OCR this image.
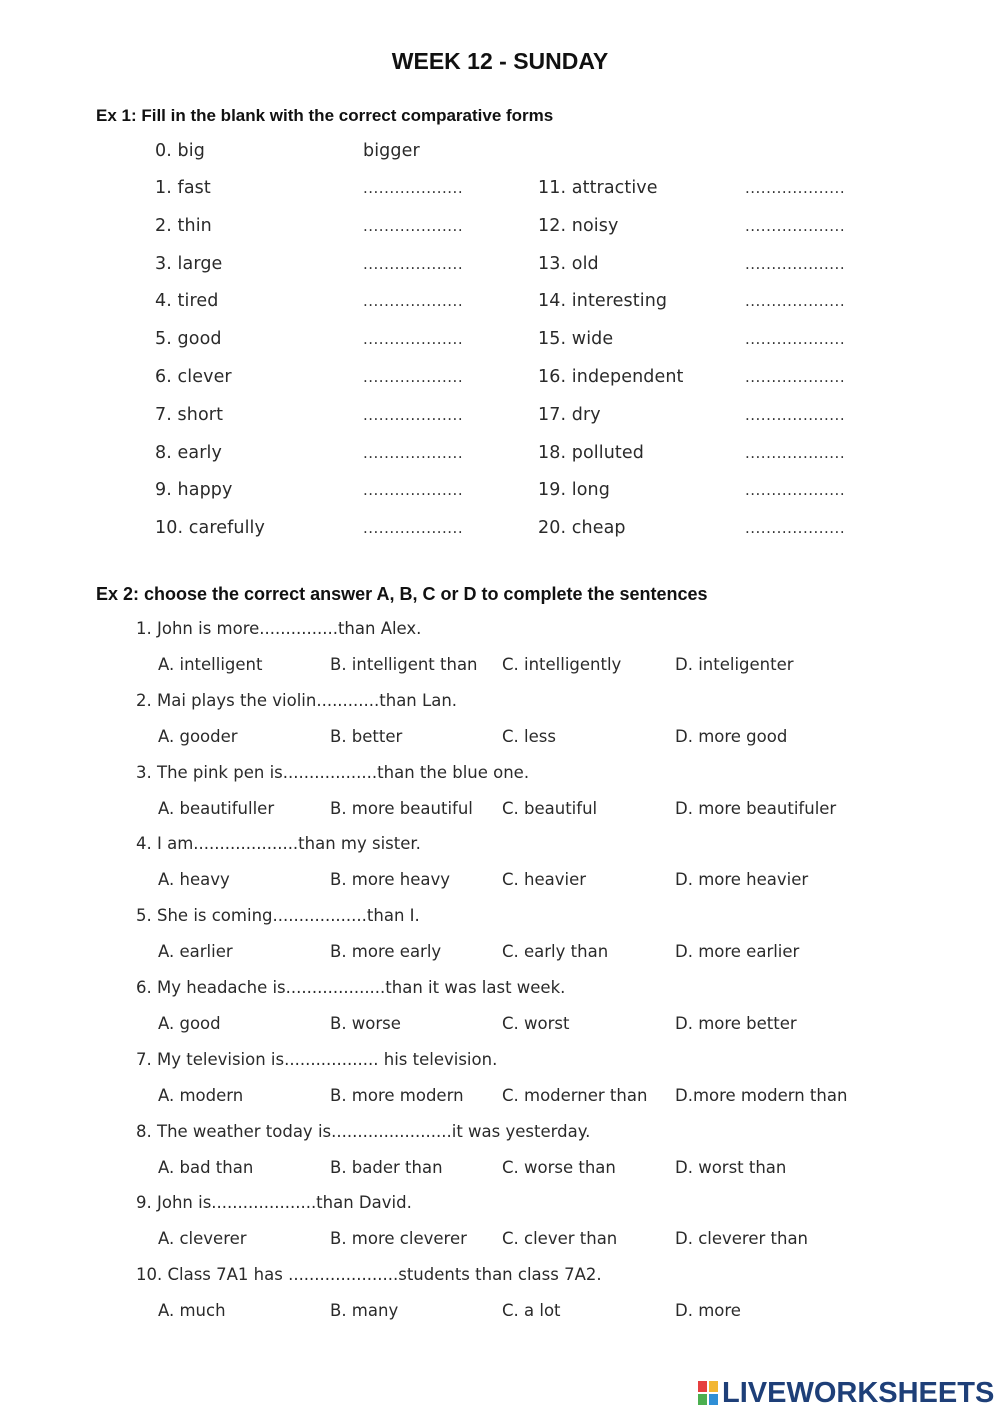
WEEK 12 - SUNDAY
Ex 1: Fill in the blank with the correct comparative forms
0. big	bigger
1. fast	...................
2. thin	...................
3. large	...................
4. tired	...................
5. good	...................
6. clever	...................
7. short	...................
8. early	...................
9. happy	...................
10. carefully	...................
11. attractive	...................
12. noisy	...................
13. old	...................
14. interesting	...................
15. wide	...................
16. independent	...................
17. dry	...................
18. polluted	...................
19. long	...................
20. cheap	...................
Ex 2: choose the correct answer A, B, C or D to complete the sentences
1. John is more...............than Alex.
A. intelligent	B. intelligent than C. intelligently	D. inteligenter
2. Mai plays the violin............than Lan.
A. gooder	B. better	C. less	D. more good
3. The pink pen is..................than the blue one.
A. beautifuller	B. more beautiful C. beautiful	D. more beautifuler
4. I am....................than my sister.
A. heavy	B. more heavy	C. heavier	D. more heavier
5. She is coming..................than I.
A. earlier	B. more early	C. early than	D. more earlier
6. My headache is...................than it was last week.
A. good	B. worse	C. worst	D. more better
7. My television is.................. his television.
A. modern	B. more modern C. moderner than D.more modern than
8. The weather today is.......................it was yesterday.
A. bad than	B. bader than	C. worse than	D. worst than
9. John is....................than David.
A. cleverer	B. more cleverer C. clever than	D. cleverer than
10. Class 7A1 has .....................students than class 7A2.
A. much	B. many	C. a lot	D. more
LIVEWORKSHEETS
